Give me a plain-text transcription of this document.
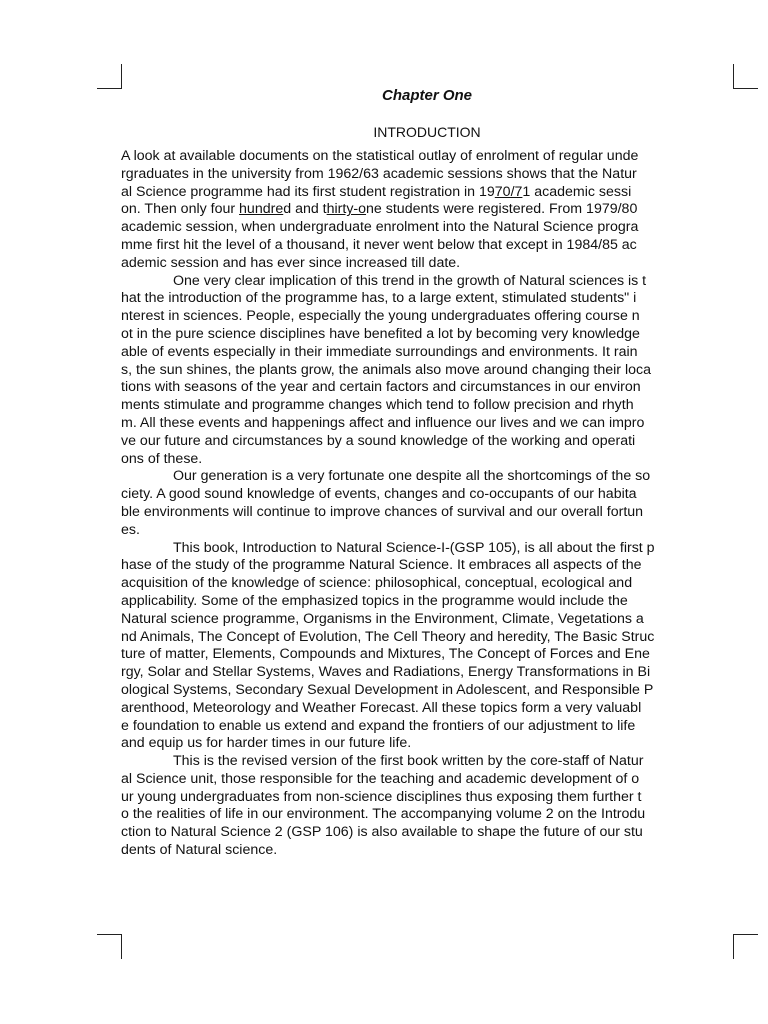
Chapter One
INTRODUCTION
A look at available documents on the statistical outlay of enrolment of regular unde
rgraduates in the university from 1962/63 academic sessions shows that the Natur
al Science programme had its first student registration in 1970/71 academic sessi
on. Then only four hundred and thirty-one students were registered. From 1979/80
academic session, when undergraduate enrolment into the Natural Science progra
mme first hit the level of a thousand, it never went below that except in 1984/85 ac
ademic session and has ever since increased till date.
One very clear implication of this trend in the growth of Natural sciences is t
hat the introduction of the programme has, to a large extent, stimulated students" i
nterest in sciences. People, especially the young undergraduates offering course n
ot in the pure science disciplines have benefited a lot by becoming very knowledge
able of events especially in their immediate surroundings and environments. It rain
s, the sun shines, the plants grow, the animals also move around changing their loca
tions with seasons of the year and certain factors and circumstances in our environ
ments stimulate and programme changes which tend to follow precision and rhyth
m. All these events and happenings affect and influence our lives and we can impro
ve our future and circumstances by a sound knowledge of the working and operati
ons of these.
Our generation is a very fortunate one despite all the shortcomings of the so
ciety. A good sound knowledge of events, changes and co-occupants of our habita
ble environments will continue to improve chances of survival and our overall fortun
es.
This book, Introduction to Natural Science-I-(GSP 105), is all about the first p
hase of the study of the programme Natural Science. It embraces all aspects of the
acquisition of the knowledge of science: philosophical, conceptual, ecological and
applicability. Some of the emphasized topics in the programme would include the
Natural science programme, Organisms in the Environment, Climate, Vegetations a
nd Animals, The Concept of Evolution, The Cell Theory and heredity, The Basic Struc
ture of matter, Elements, Compounds and Mixtures, The Concept of Forces and Ene
rgy, Solar and Stellar Systems, Waves and Radiations, Energy Transformations in Bi
ological Systems, Secondary Sexual Development in Adolescent, and Responsible P
arenthood, Meteorology and Weather Forecast. All these topics form a very valuabl
e foundation to enable us extend and expand the frontiers of our adjustment to life
and equip us for harder times in our future life.
This is the revised version of the first book written by the core-staff of Natur
al Science unit, those responsible for the teaching and academic development of o
ur young undergraduates from non-science disciplines thus exposing them further t
o the realities of life in our environment. The accompanying volume 2 on the Introdu
ction to Natural Science 2 (GSP 106) is also available to shape the future of our stu
dents of Natural science.
